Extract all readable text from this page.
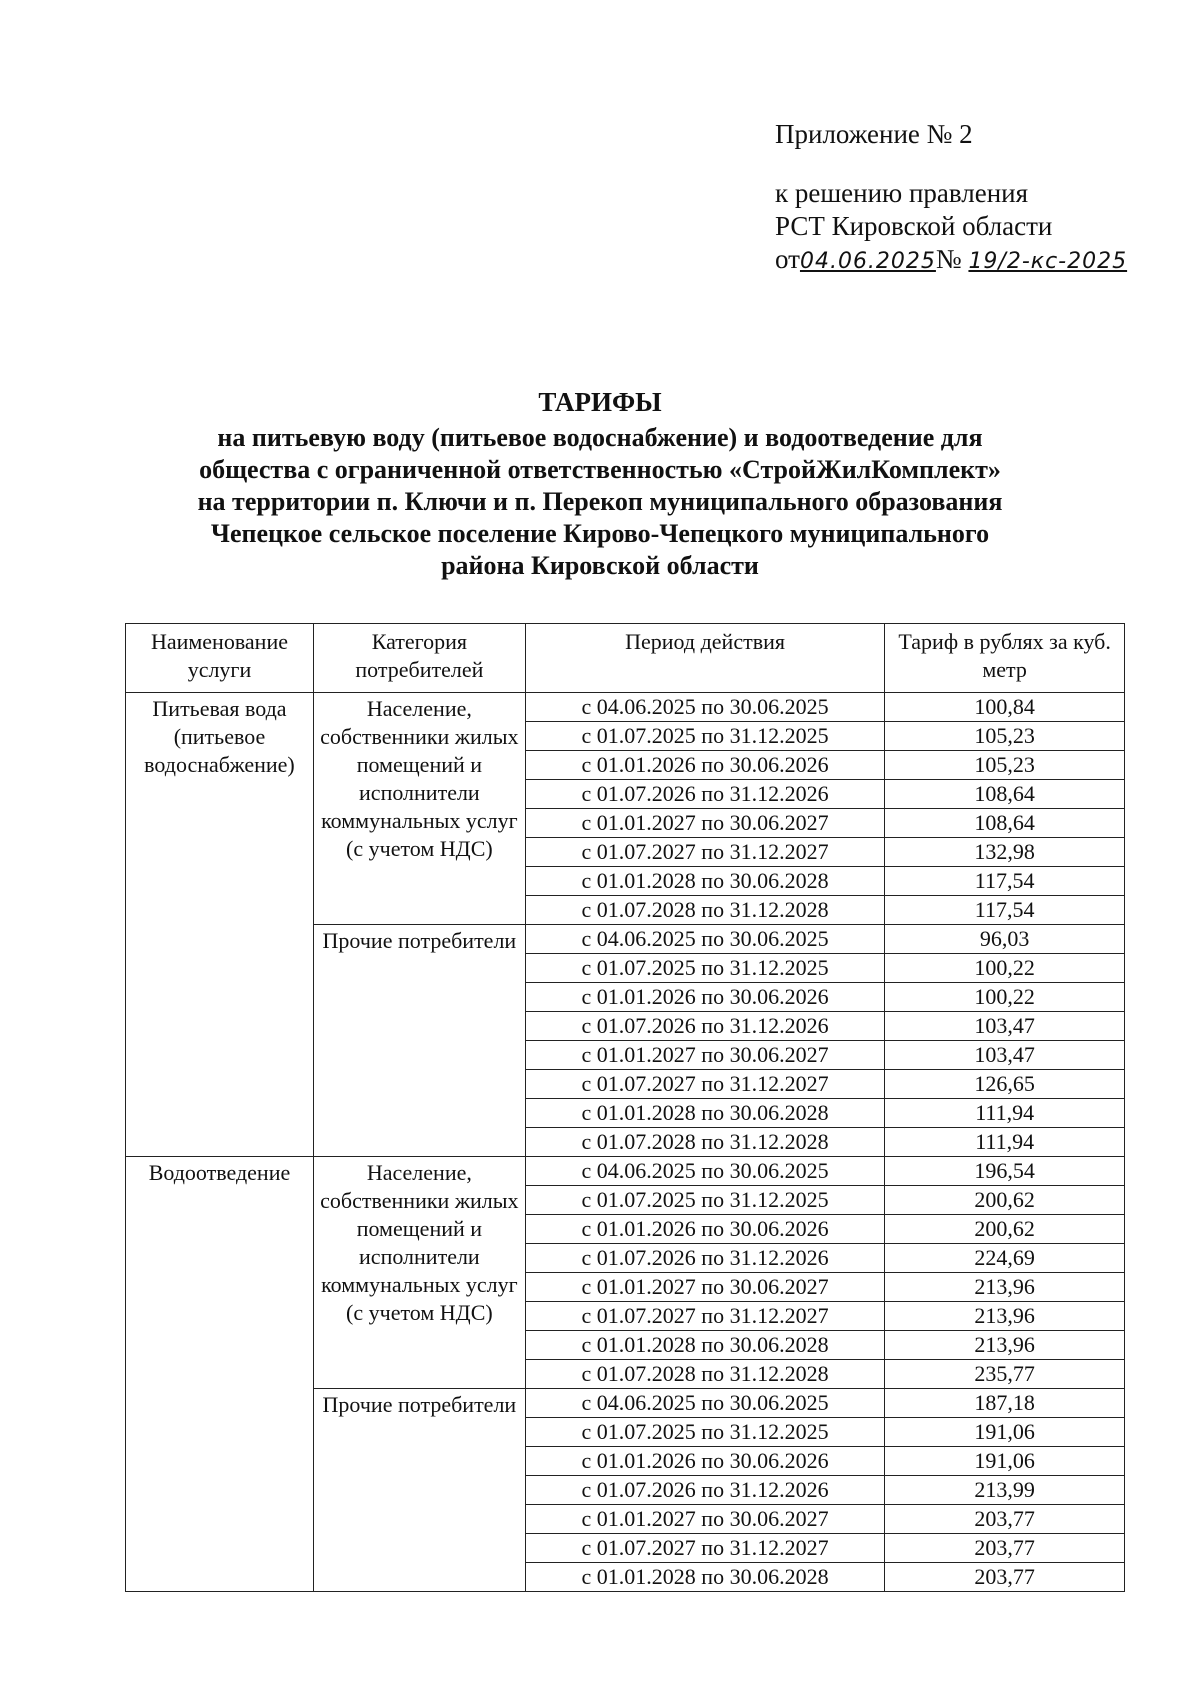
Приложение № 2
к решению правления
РСТ Кировской области
от04.06.2025№ 19/2-кс-2025
ТАРИФЫ
на питьевую воду (питьевое водоснабжение) и водоотведение для
общества с ограниченной ответственностью «СтройЖилКомплект»
на территории п. Ключи и п. Перекоп муниципального образования
Чепецкое сельское поселение Кирово-Чепецкого муниципального
района Кировской области
Наименование услуги	Категория потребителей	Период действия	Тариф в рублях за куб. метр
Питьевая вода (питьевое водоснабжение)	Население, собственники жилых помещений и исполнители коммунальных услуг (с учетом НДС)	с 04.06.2025 по 30.06.2025	100,84
		с 01.07.2025 по 31.12.2025	105,23
		с 01.01.2026 по 30.06.2026	105,23
		с 01.07.2026 по 31.12.2026	108,64
		с 01.01.2027 по 30.06.2027	108,64
		с 01.07.2027 по 31.12.2027	132,98
		с 01.01.2028 по 30.06.2028	117,54
		с 01.07.2028 по 31.12.2028	117,54
	Прочие потребители	с 04.06.2025 по 30.06.2025	96,03
		с 01.07.2025 по 31.12.2025	100,22
		с 01.01.2026 по 30.06.2026	100,22
		с 01.07.2026 по 31.12.2026	103,47
		с 01.01.2027 по 30.06.2027	103,47
		с 01.07.2027 по 31.12.2027	126,65
		с 01.01.2028 по 30.06.2028	111,94
		с 01.07.2028 по 31.12.2028	111,94
Водоотведение	Население, собственники жилых помещений и исполнители коммунальных услуг (с учетом НДС)	с 04.06.2025 по 30.06.2025	196,54
		с 01.07.2025 по 31.12.2025	200,62
		с 01.01.2026 по 30.06.2026	200,62
		с 01.07.2026 по 31.12.2026	224,69
		с 01.01.2027 по 30.06.2027	213,96
		с 01.07.2027 по 31.12.2027	213,96
		с 01.01.2028 по 30.06.2028	213,96
		с 01.07.2028 по 31.12.2028	235,77
	Прочие потребители	с 04.06.2025 по 30.06.2025	187,18
		с 01.07.2025 по 31.12.2025	191,06
		с 01.01.2026 по 30.06.2026	191,06
		с 01.07.2026 по 31.12.2026	213,99
		с 01.01.2027 по 30.06.2027	203,77
		с 01.07.2027 по 31.12.2027	203,77
		с 01.01.2028 по 30.06.2028	203,77
